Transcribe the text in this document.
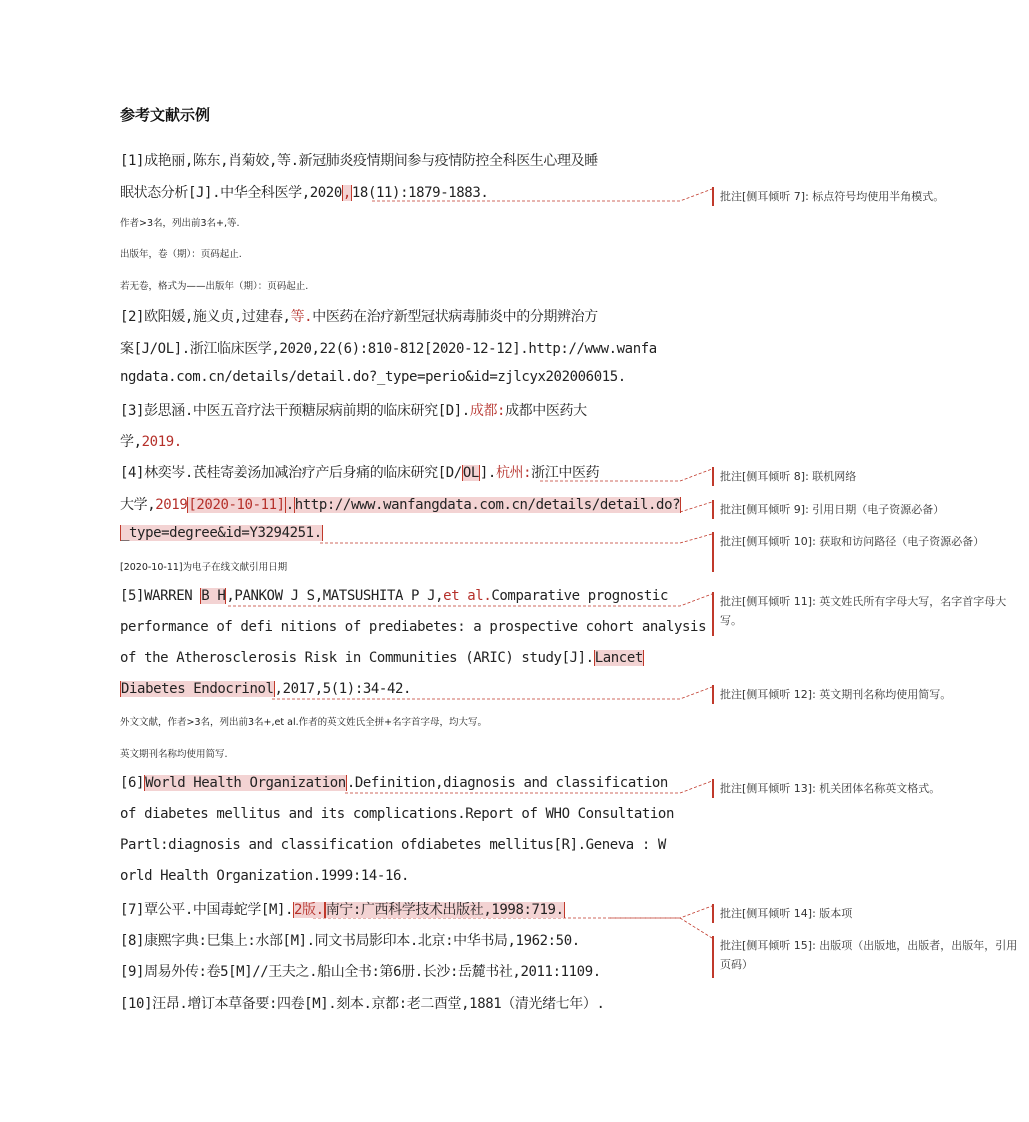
参考文献示例
[1]成艳丽,陈东,肖菊姣,等.新冠肺炎疫情期间参与疫情防控全科医生心理及睡
眠状态分析[J].中华全科医学,2020,18(11):1879-1883.
作者>3名，列出前3名+,等.
出版年，卷（期）：页码起止.
若无卷，格式为——出版年（期）：页码起止.
[2]欧阳媛,施义贞,过建春,等.中医药在治疗新型冠状病毒肺炎中的分期辨治方
案[J/OL].浙江临床医学,2020,22(6):810-812[2020-12-12].http://www.wanfa
ngdata.com.cn/details/detail.do?_type=perio&id=zjlcyx202006015.
[3]彭思涵.中医五音疗法干预糖尿病前期的临床研究[D].成都:成都中医药大
学,2019.
[4]林奕岑.芪桂寄姜汤加减治疗产后身痛的临床研究[D/OL].杭州:浙江中医药
大学,2019[2020-10-11].http://www.wanfangdata.com.cn/details/detail.do?
_type=degree&id=Y3294251.
[2020-10-11]为电子在线文献引用日期
[5]WARREN B H,PANKOW J S,MATSUSHITA P J,et al.Comparative prognostic
performance of defi nitions of prediabetes: a prospective cohort analysis
of the Atherosclerosis Risk in Communities (ARIC) study[J].Lancet
Diabetes Endocrinol,2017,5(1):34-42.
外文文献，作者>3名，列出前3名+,et al.作者的英文姓氏全拼+名字首字母，均大写。
英文期刊名称均使用简写.
[6]World Health Organization.Definition,diagnosis and classification
of diabetes mellitus and its complications.Report of WHO Consultation
Partl:diagnosis and classification ofdiabetes mellitus[R].Geneva : W
orld Health Organization.1999:14-16.
[7]覃公平.中国毒蛇学[M].2版. 南宁:广西科学技术出版社,1998:719.
[8]康熙字典:巳集上:水部[M].同文书局影印本.北京:中华书局,1962:50.
[9]周易外传:卷5[M]//王夫之.船山全书:第6册.长沙:岳麓书社,2011:1109.
[10]汪昂.增订本草备要:四卷[M].刻本.京都:老二酉堂,1881（清光绪七年）.
批注[侧耳倾听 7]: 标点符号均使用半角模式。
批注[侧耳倾听 8]: 联机网络
批注[侧耳倾听 9]: 引用日期（电子资源必备）
批注[侧耳倾听 10]: 获取和访问路径（电子资源必备）
批注[侧耳倾听 11]: 英文姓氏所有字母大写，名字首字母大写。
批注[侧耳倾听 12]: 英文期刊名称均使用简写。
批注[侧耳倾听 13]: 机关团体名称英文格式。
批注[侧耳倾听 14]: 版本项
批注[侧耳倾听 15]: 出版项（出版地，出版者，出版年，引用页码）
